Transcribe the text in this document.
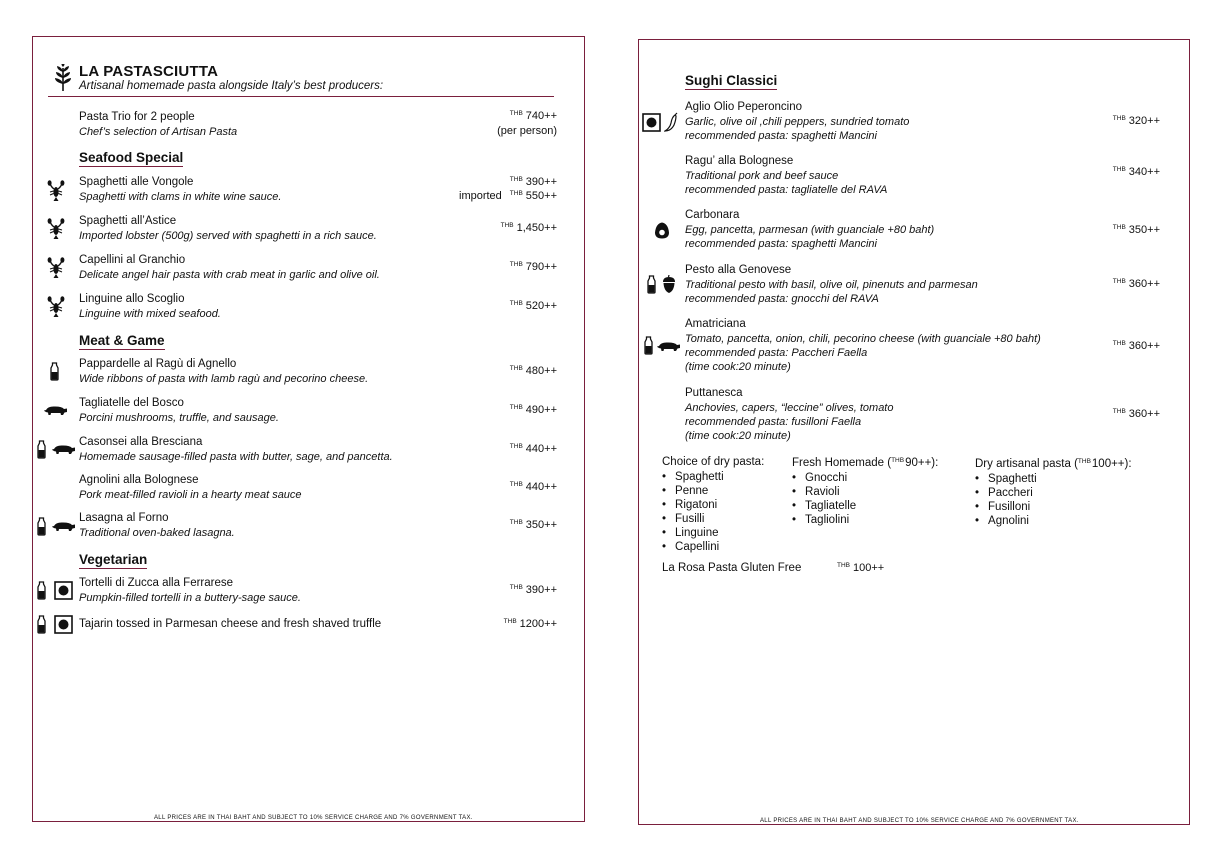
LA PASTASCIUTTA
Artisanal homemade pasta alongside Italy’s best producers:
Pasta Trio for 2 people
Chef’s selection of Artisan Pasta
$^{THB}$ 740++
(per person)
Seafood Special
Spaghetti alle Vongole
Spaghetti with clams in white wine sauce.
$^{THB}$ 390++
imported $^{THB}$ 550++
Spaghetti all’Astice
Imported lobster (500g) served with spaghetti in a rich sauce.
$^{THB}$ 1,450++
Capellini al Granchio
Delicate angel hair pasta with crab meat in garlic and olive oil.
$^{THB}$ 790++
Linguine allo Scoglio
Linguine with mixed seafood.
$^{THB}$ 520++
Meat & Game
Pappardelle al Ragù di Agnello
Wide ribbons of pasta with lamb ragù and pecorino cheese.
$^{THB}$ 480++
Tagliatelle del Bosco
Porcini mushrooms, truffle, and sausage.
$^{THB}$ 490++
Casonsei alla Bresciana
Homemade sausage-filled pasta with butter, sage, and pancetta.
$^{THB}$ 440++
Agnolini alla Bolognese
Pork meat-filled ravioli in a hearty meat sauce
$^{THB}$ 440++
Lasagna al Forno
Traditional oven-baked lasagna.
$^{THB}$ 350++
Vegetarian
Tortelli di Zucca alla Ferrarese
Pumpkin-filled tortelli in a buttery-sage sauce.
$^{THB}$ 390++
Tajarin tossed in Parmesan cheese and fresh shaved truffle	$^{THB}$ 1200++
ALL PRICES ARE IN THAI BAHT AND SUBJECT TO 10% SERVICE CHARGE AND 7% GOVERNMENT TAX.
Sughi Classici
Aglio Olio Peperoncino
Garlic, olive oil ,chili peppers, sundried tomato
recommended pasta: spaghetti Mancini
$^{THB}$ 320++
Ragu’ alla Bolognese
Traditional pork and beef sauce
recommended pasta: tagliatelle del RAVA
$^{THB}$ 340++
Carbonara
Egg, pancetta, parmesan (with guanciale +80 baht)
recommended pasta: spaghetti Mancini
$^{THB}$ 350++
Pesto alla Genovese
Traditional pesto with basil, olive oil, pinenuts and parmesan
recommended pasta: gnocchi del RAVA
$^{THB}$ 360++
Amatriciana
Tomato, pancetta, onion, chili, pecorino cheese (with guanciale +80 baht)
recommended pasta: Paccheri Faella
(time cook:20 minute)
$^{THB}$ 360++
Puttanesca
Anchovies, capers, “leccine” olives, tomato
recommended pasta: fusilloni Faella
(time cook:20 minute)
$^{THB}$ 360++
Choice of dry pasta:
• Spaghetti
• Penne
• Rigatoni
• Fusilli
• Linguine
• Capellini
Fresh Homemade ($^{THB}$90++):
• Gnocchi
• Ravioli
• Tagliatelle
• Tagliolini
Dry artisanal pasta ($^{THB}$100++):
• Spaghetti
• Paccheri
• Fusilloni
• Agnolini
La Rosa Pasta Gluten Free	$^{THB}$ 100++
ALL PRICES ARE IN THAI BAHT AND SUBJECT TO 10% SERVICE CHARGE AND 7% GOVERNMENT TAX.
